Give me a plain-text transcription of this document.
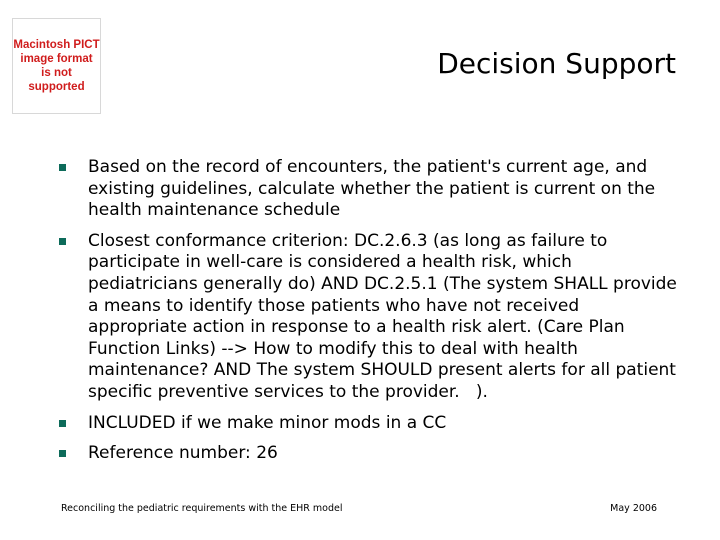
Macintosh PICT
image format
is not supported
Decision Support
Based on the record of encounters, the patient's current age, and existing guidelines, calculate whether the patient is current on the health maintenance schedule
Closest conformance criterion: DC.2.6.3 (as long as failure to participate in well-care is considered a health risk, which pediatricians generally do) AND DC.2.5.1 (The system SHALL provide a means to identify those patients who have not received appropriate action in response to a health risk alert. (Care Plan Function Links) --> How to modify this to deal with health maintenance? AND The system SHOULD present alerts for all patient specific preventive services to the provider.   ).
INCLUDED if we make minor mods in a CC
Reference number: 26
Reconciling the pediatric requirements with the EHR model	May 2006
